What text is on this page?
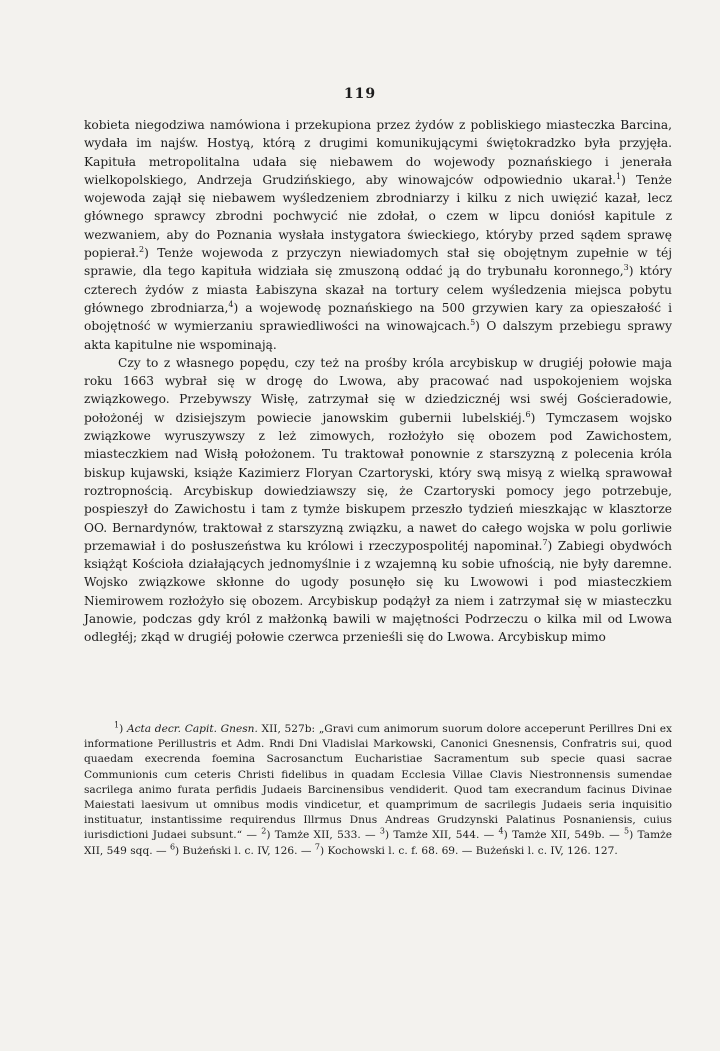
119

kobieta niegodziwa namówiona i przekupiona przez żydów z pobliskiego miasteczka Barcina, wydała im najśw. Hostyą, którą z drugimi komunikującymi świętokradzko była przyjęła. Kapituła metropolitalna udała się niebawem do wojewody poznańskiego i jenerała wielkopolskiego, Andrzeja Grudzińskiego, aby winowajców odpowiednio ukarał.$^1$) Tenże wojewoda zajął się niebawem wyśledzeniem zbrodniarzy i kilku z nich uwięzić kazał, lecz głównego sprawcy zbrodni pochwycić nie zdołał, o czem w lipcu doniósł kapitule z wezwaniem, aby do Poznania wysłała instygatora świeckiego, któryby przed sądem sprawę popierał.$^2$) Tenże wojewoda z przyczyn niewiadomych stał się obojętnym zupełnie w téj sprawie, dla tego kapituła widziała się zmuszoną oddać ją do trybunału koronnego,$^3$) który czterech żydów z miasta Łabiszyna skazał na tortury celem wyśledzenia miejsca pobytu głównego zbrodniarza,$^4$) a wojewodę poznańskiego na 500 grzywien kary za opieszałość i obojętność w wymierzaniu sprawiedliwości na winowajcach.$^5$) O dalszym przebiegu sprawy akta kapitulne nie wspominają.

Czy to z własnego popędu, czy też na prośby króla arcybiskup w drugiéj połowie maja roku 1663 wybrał się w drogę do Lwowa, aby pracować nad uspokojeniem wojska związkowego. Przebywszy Wisłę, zatrzymał się w dziedzicznéj wsi swéj Gościeradowie, położonéj w dzisiejszym powiecie janowskim gubernii lubelskiéj.$^6$) Tymczasem wojsko związkowe wyruszywszy z leż zimowych, rozłożyło się obozem pod Zawichostem, miasteczkiem nad Wisłą położonem. Tu traktował ponownie z starszyzną z polecenia króla biskup kujawski, książe Kazimierz Floryan Czartoryski, który swą misyą z wielką sprawował roztropnością. Arcybiskup dowiedziawszy się, że Czartoryski pomocy jego potrzebuje, pospieszył do Zawichostu i tam z tymże biskupem przeszło tydzień mieszkając w klasztorze OO. Bernardynów, traktował z starszyzną związku, a nawet do całego wojska w polu gorliwie przemawiał i do posłuszeństwa ku królowi i rzeczypospolitéj napominał.$^7$) Zabiegi obydwóch książąt Kościoła działających jednomyślnie i z wzajemną ku sobie ufnością, nie były daremne. Wojsko związkowe skłonne do ugody posunęło się ku Lwowowi i pod miasteczkiem Niemirowem rozłożyło się obozem. Arcybiskup podążył za niem i zatrzymał się w miasteczku Janowie, podczas gdy król z małżonką bawili w majętności Podrzeczu o kilka mil od Lwowa odległéj; zkąd w drugiéj połowie czerwca przenieśli się do Lwowa. Arcybiskup mimo

$^1$) Acta decr. Capit. Gnesn. XII, 527b: „Gravi cum animorum suorum dolore acceperunt Perillres Dni ex informatione Perillustris et Adm. Rndi Dni Vladislai Markowski, Canonici Gnesnensis, Confratris sui, quod quaedam execrenda foemina Sacrosanctum Eucharistiae Sacramentum sub specie quasi sacrae Communionis cum ceteris Christi fidelibus in quadam Ecclesia Villae Clavis Niestronnensis sumendae sacrilega animo furata perfidis Judaeis Barcinensibus vendiderit. Quod tam execrandum facinus Divinae Maiestati laesivum ut omnibus modis vindicetur, et quamprimum de sacrilegis Judaeis seria inquisitio instituatur, instantissime requirendus Illrmus Dnus Andreas Grudzynski Palatinus Posnaniensis, cuius iurisdictioni Judaei subsunt.“ — $^2$) Tamże XII, 533. — $^3$) Tamże XII, 544. — $^4$) Tamże XII, 549b. — $^5$) Tamże XII, 549 sqq. — $^6$) Bużeński l. c. IV, 126. — $^7$) Kochowski l. c. f. 68. 69. — Bużeński l. c. IV, 126. 127.
